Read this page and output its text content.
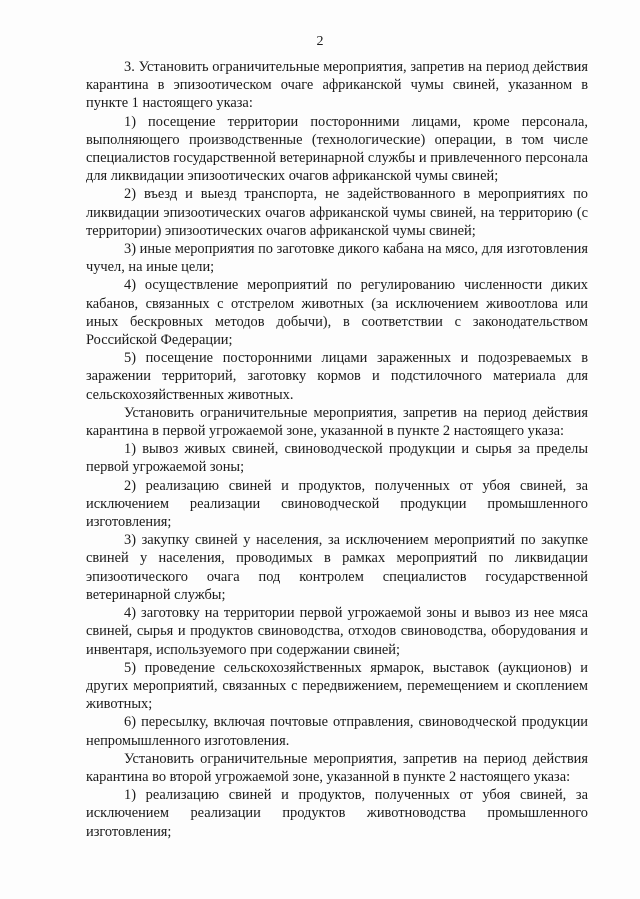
2

3. Установить ограничительные мероприятия, запретив на период действия карантина в эпизоотическом очаге африканской чумы свиней, указанном в пункте 1 настоящего указа:

1) посещение территории посторонними лицами, кроме персонала, выполняющего производственные (технологические) операции, в том числе специалистов государственной ветеринарной службы и привлеченного персонала для ликвидации эпизоотических очагов африканской чумы свиней;

2) въезд и выезд транспорта, не задействованного в мероприятиях по ликвидации эпизоотических очагов африканской чумы свиней, на территорию (с территории) эпизоотических очагов африканской чумы свиней;

3) иные мероприятия по заготовке дикого кабана на мясо, для изготовления чучел, на иные цели;

4) осуществление мероприятий по регулированию численности диких кабанов, связанных с отстрелом животных (за исключением живоотлова или иных бескровных методов добычи), в соответствии с законодательством Российской Федерации;

5) посещение посторонними лицами зараженных и подозреваемых в заражении территорий, заготовку кормов и подстилочного материала для сельскохозяйственных животных.

Установить ограничительные мероприятия, запретив на период действия карантина в первой угрожаемой зоне, указанной в пункте 2 настоящего указа:

1) вывоз живых свиней, свиноводческой продукции и сырья за пределы первой угрожаемой зоны;

2) реализацию свиней и продуктов, полученных от убоя свиней, за исключением реализации свиноводческой продукции промышленного изготовления;

3) закупку свиней у населения, за исключением мероприятий по закупке свиней у населения, проводимых в рамках мероприятий по ликвидации эпизоотического очага под контролем специалистов государственной ветеринарной службы;

4) заготовку на территории первой угрожаемой зоны и вывоз из нее мяса свиней, сырья и продуктов свиноводства, отходов свиноводства, оборудования и инвентаря, используемого при содержании свиней;

5) проведение сельскохозяйственных ярмарок, выставок (аукционов) и других мероприятий, связанных с передвижением, перемещением и скоплением животных;

6) пересылку, включая почтовые отправления, свиноводческой продукции непромышленного изготовления.

Установить ограничительные мероприятия, запретив на период действия карантина во второй угрожаемой зоне, указанной в пункте 2 настоящего указа:

1) реализацию свиней и продуктов, полученных от убоя свиней, за исключением реализации продуктов животноводства промышленного изготовления;
